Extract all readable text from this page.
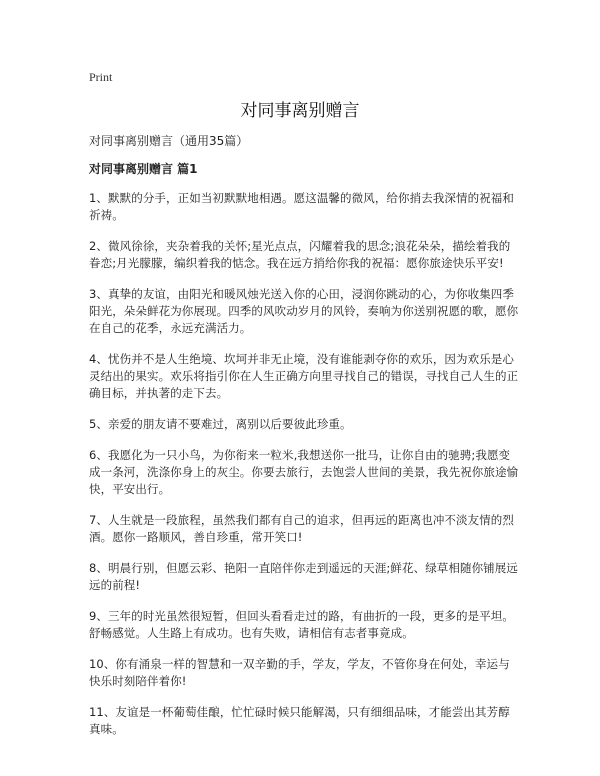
Print
对同事离别赠言

对同事离别赠言（通用35篇）

对同事离别赠言 篇1

1、默默的分手，正如当初默默地相遇。愿这温馨的微风，给你捎去我深情的祝福和祈祷。

2、微风徐徐，夹杂着我的关怀;星光点点，闪耀着我的思念;浪花朵朵，描绘着我的眷恋;月光朦朦，编织着我的惦念。我在远方捎给你我的祝福：愿你旅途快乐平安!

3、真挚的友谊，由阳光和暖风烛光送入你的心田，浸润你跳动的心，为你收集四季阳光，朵朵鲜花为你展现。四季的风吹动岁月的风铃，奏响为你送别祝愿的歌，愿你在自己的花季，永远充满活力。

4、忧伤并不是人生绝境、坎坷并非无止境，没有谁能剥夺你的欢乐，因为欢乐是心灵结出的果实。欢乐将指引你在人生正确方向里寻找自己的错误，寻找自己人生的正确目标，并执著的走下去。

5、亲爱的朋友请不要难过，离别以后要彼此珍重。

6、我愿化为一只小鸟，为你衔来一粒米,我想送你一批马，让你自由的驰骋;我愿变成一条河，洗涤你身上的灰尘。你要去旅行，去饱尝人世间的美景，我先祝你旅途愉快，平安出行。

7、人生就是一段旅程，虽然我们都有自己的追求，但再远的距离也冲不淡友情的烈酒。愿你一路顺风，善自珍重，常开笑口!

8、明晨行别，但愿云彩、艳阳一直陪伴你走到遥远的天涯;鲜花、绿草相随你铺展远远的前程!

9、三年的时光虽然很短暂，但回头看看走过的路，有曲折的一段，更多的是平坦。舒畅感觉。人生路上有成功。也有失败，请相信有志者事竟成。

10、你有涌泉一样的智慧和一双辛勤的手，学友，学友，不管你身在何处，幸运与快乐时刻陪伴着你!

11、友谊是一杯葡萄佳酿，忙忙碌时候只能解渴，只有细细品味，才能尝出其芳醇真味。
